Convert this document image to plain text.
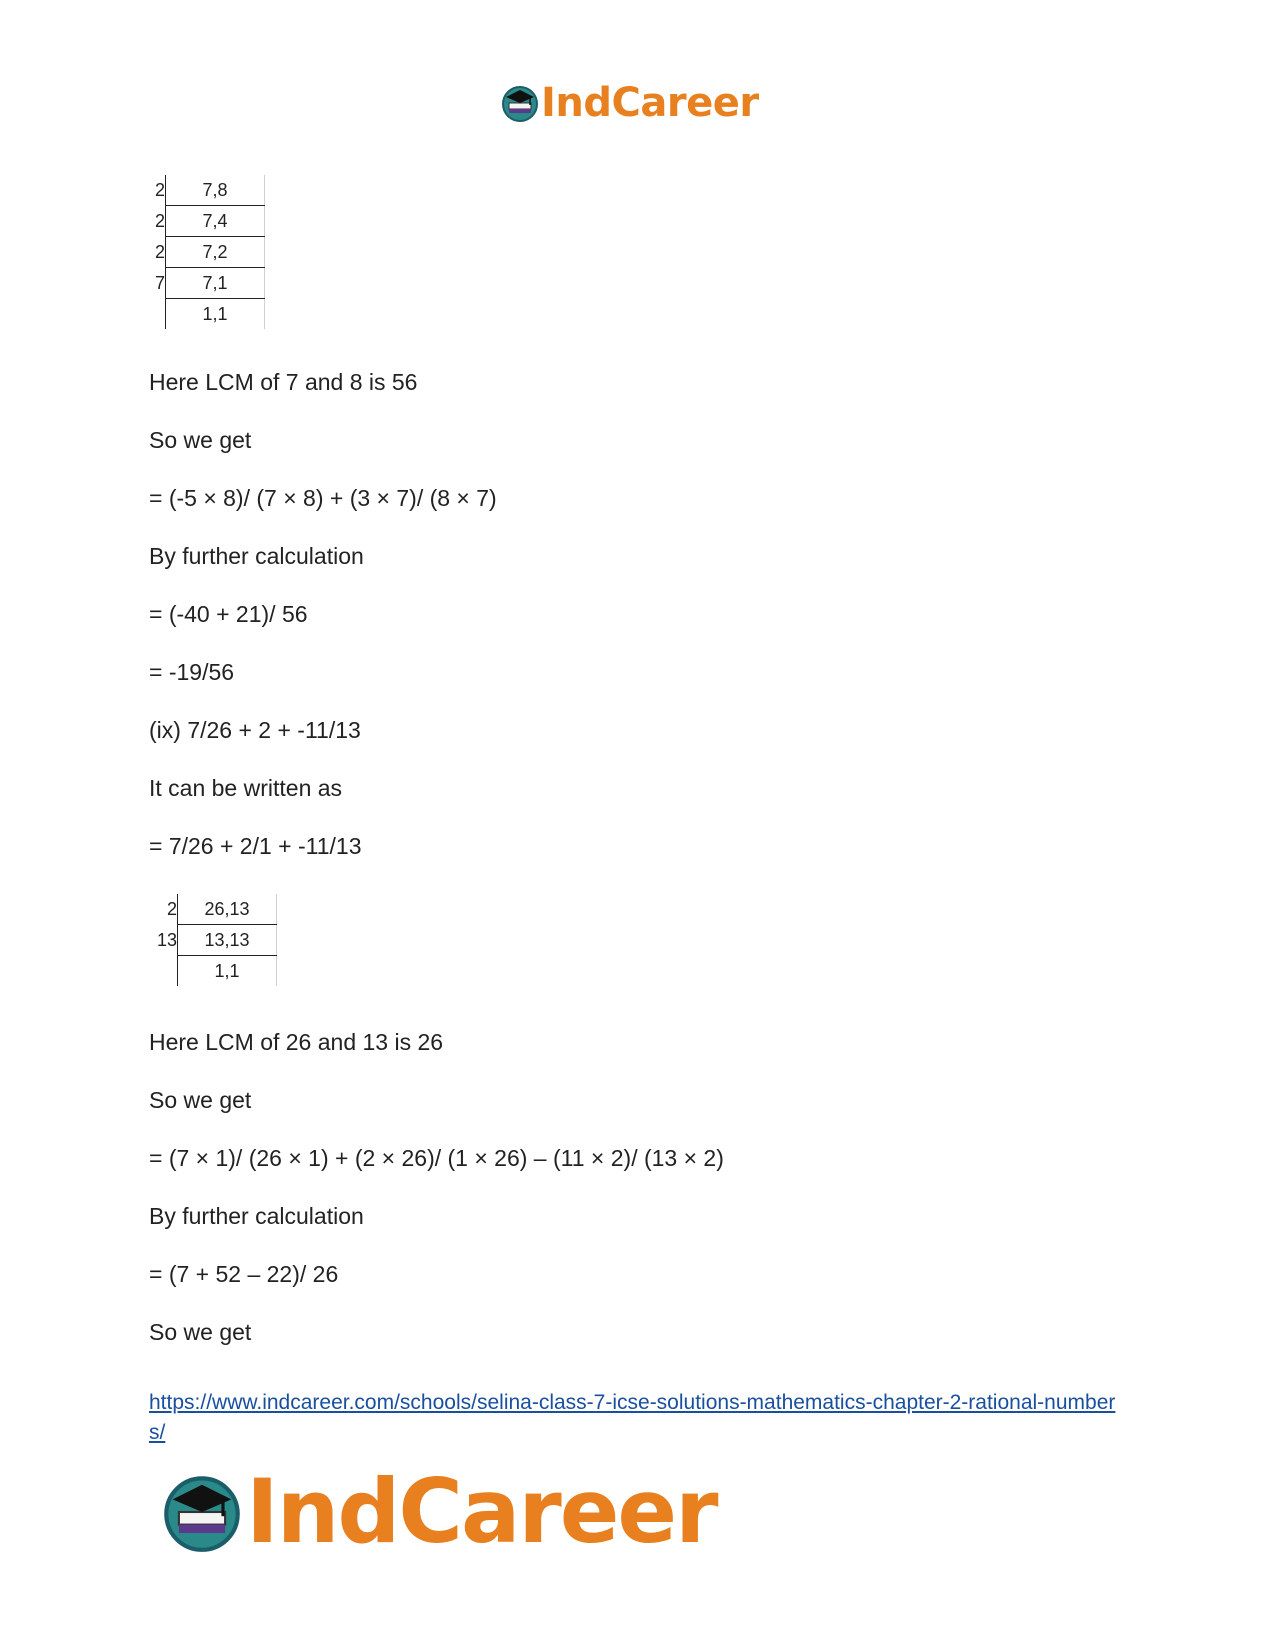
IndCareer
2	7,8
2	7,4
2	7,2
7	7,1
	1,1
Here LCM of 7 and 8 is 56
So we get
= (-5 × 8)/ (7 × 8) + (3 × 7)/ (8 × 7)
By further calculation
= (-40 + 21)/ 56
= -19/56
(ix) 7/26 + 2 + -11/13
It can be written as
= 7/26 + 2/1 + -11/13
2	26,13
13	13,13
	1,1
Here LCM of 26 and 13 is 26
So we get
= (7 × 1)/ (26 × 1) + (2 × 26)/ (1 × 26) – (11 × 2)/ (13 × 2)
By further calculation
= (7 + 52 – 22)/ 26
So we get
https://www.indcareer.com/schools/selina-class-7-icse-solutions-mathematics-chapter-2-rational-numbers/
IndCareer
